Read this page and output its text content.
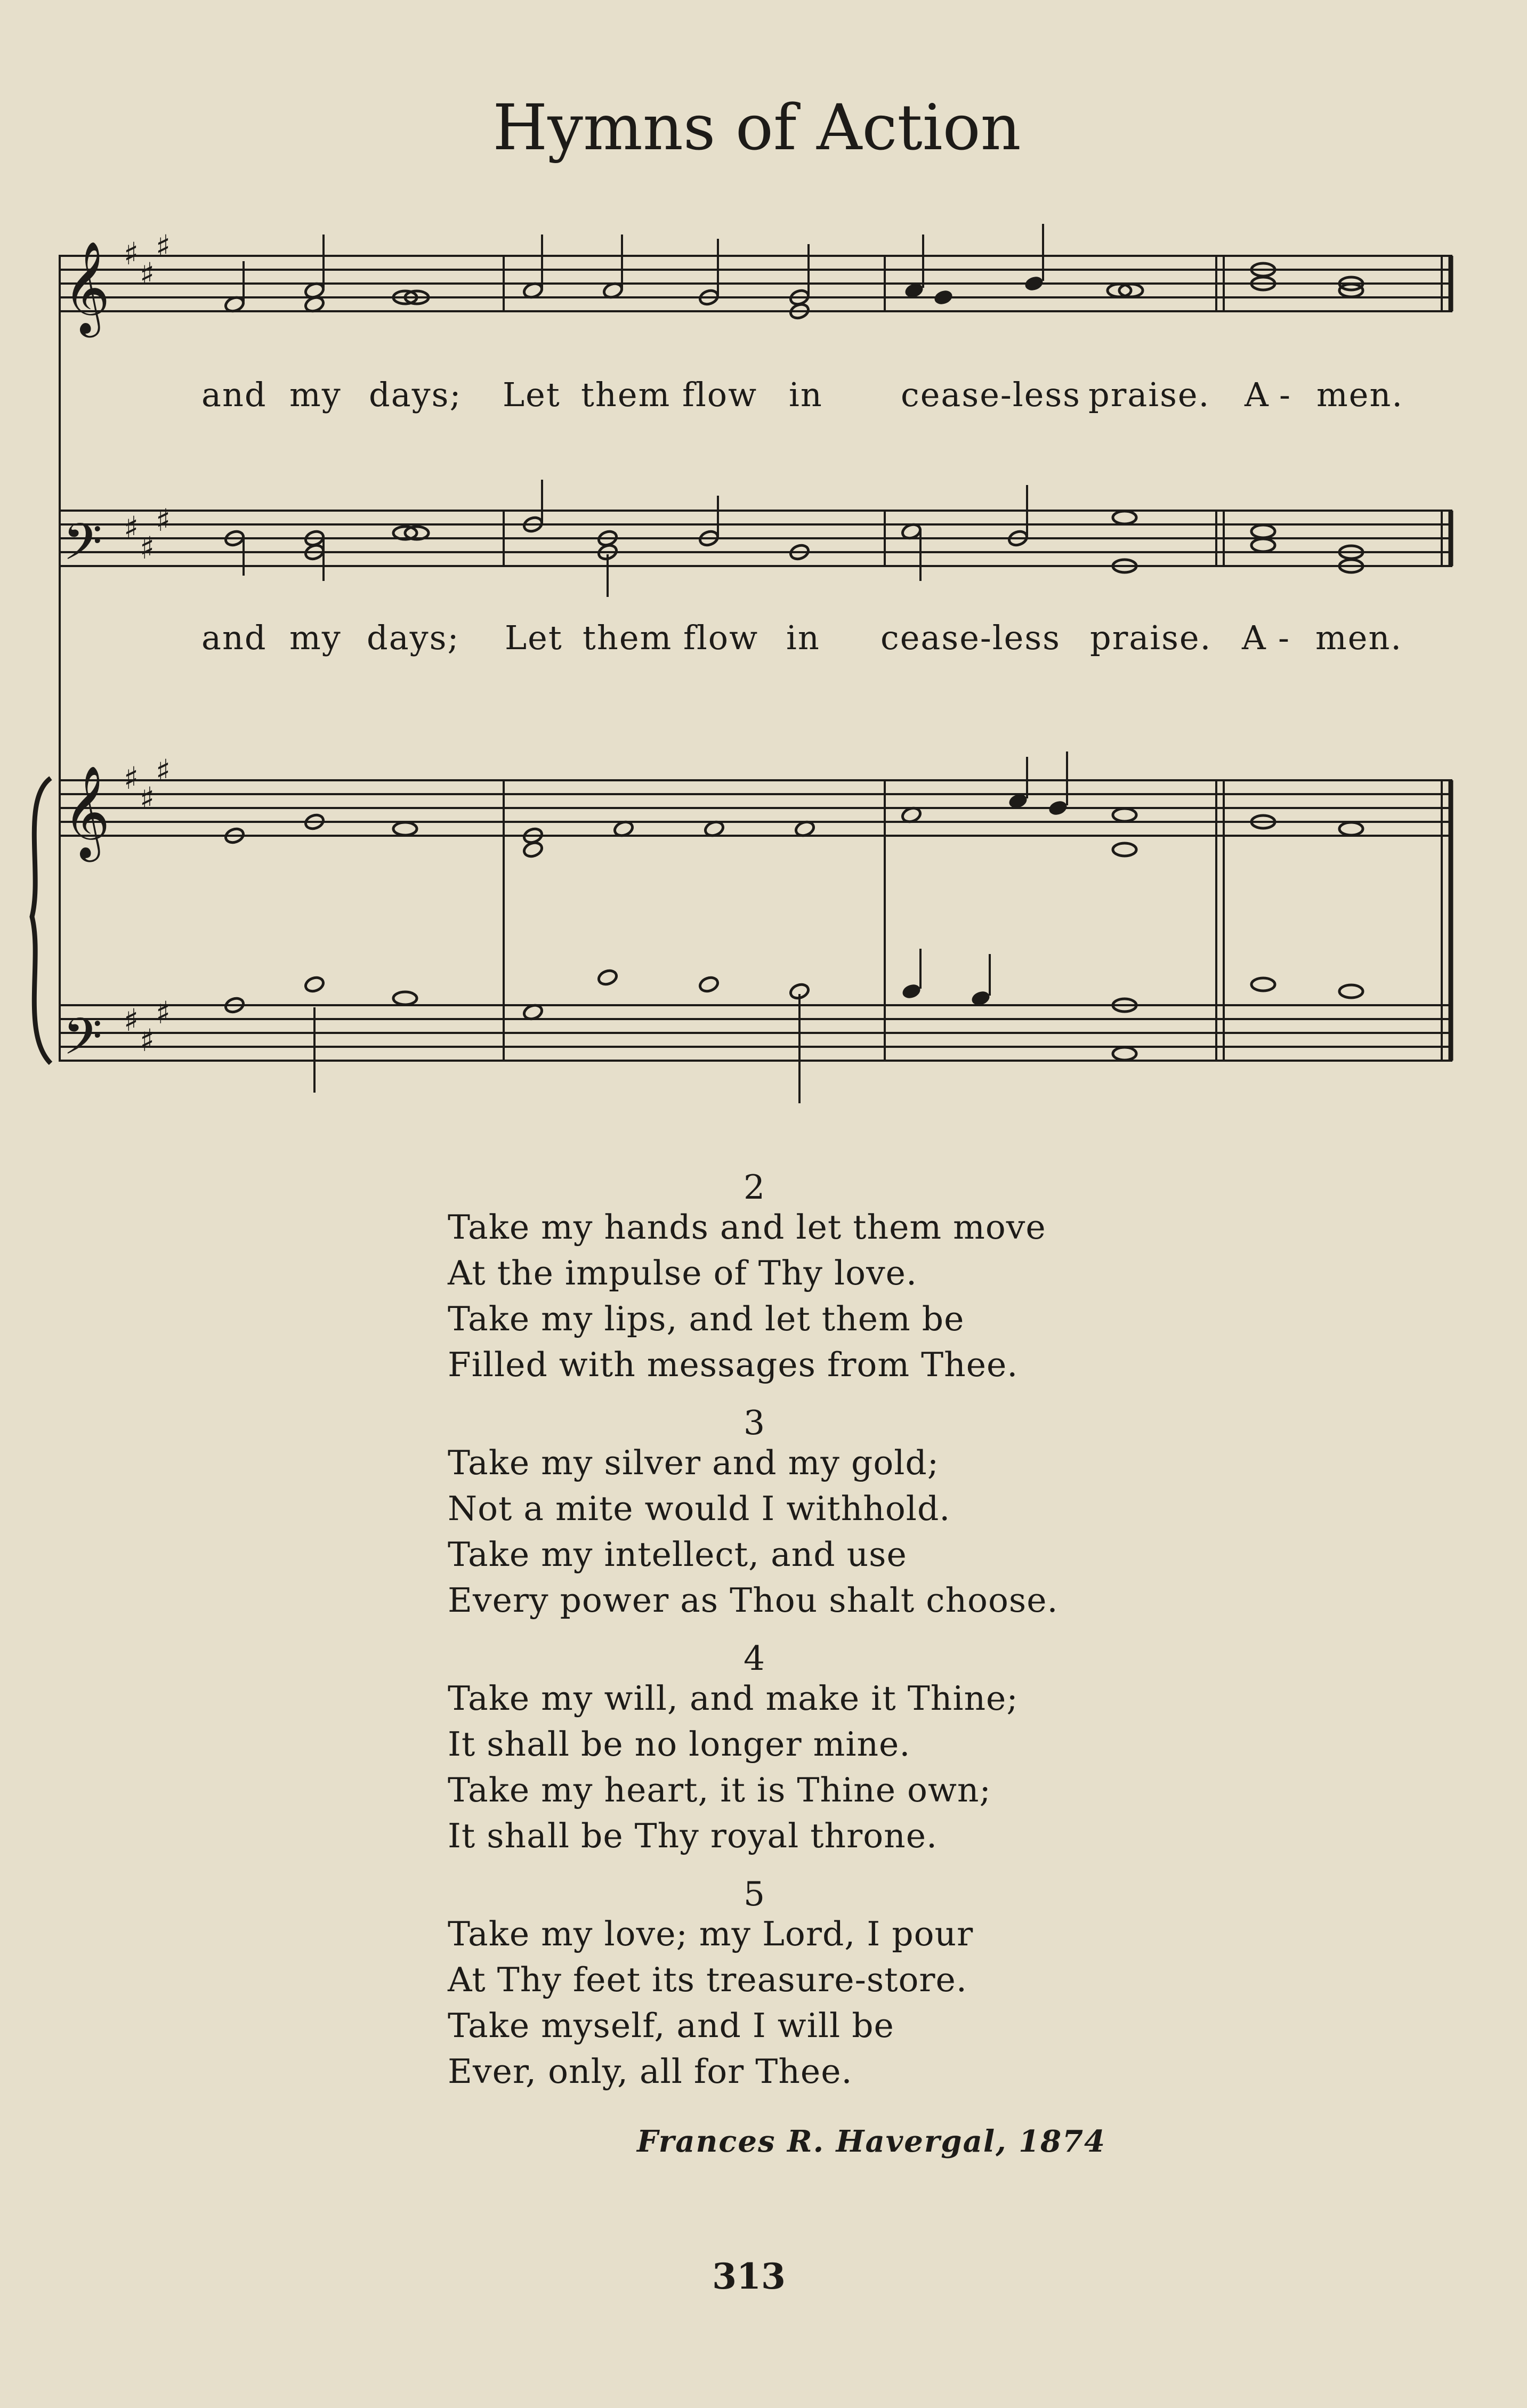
Hymns of Action
𝄞
𝄢
𝄞
𝄢
♯
♯
♯
♯
♯
♯
♯
♯
♯
♯
♯
♯
and my days; Let them flow in cease-less praise. A - men.
and my days; Let them flow in cease-less praise. A - men.
2
Take my hands and let them move
At the impulse of Thy love.
Take my lips, and let them be
Filled with messages from Thee.
3
Take my silver and my gold;
Not a mite would I withhold.
Take my intellect, and use
Every power as Thou shalt choose.
4
Take my will, and make it Thine;
It shall be no longer mine.
Take my heart, it is Thine own;
It shall be Thy royal throne.
5
Take my love; my Lord, I pour
At Thy feet its treasure-store.
Take myself, and I will be
Ever, only, all for Thee.
Frances R. Havergal, 1874
313
